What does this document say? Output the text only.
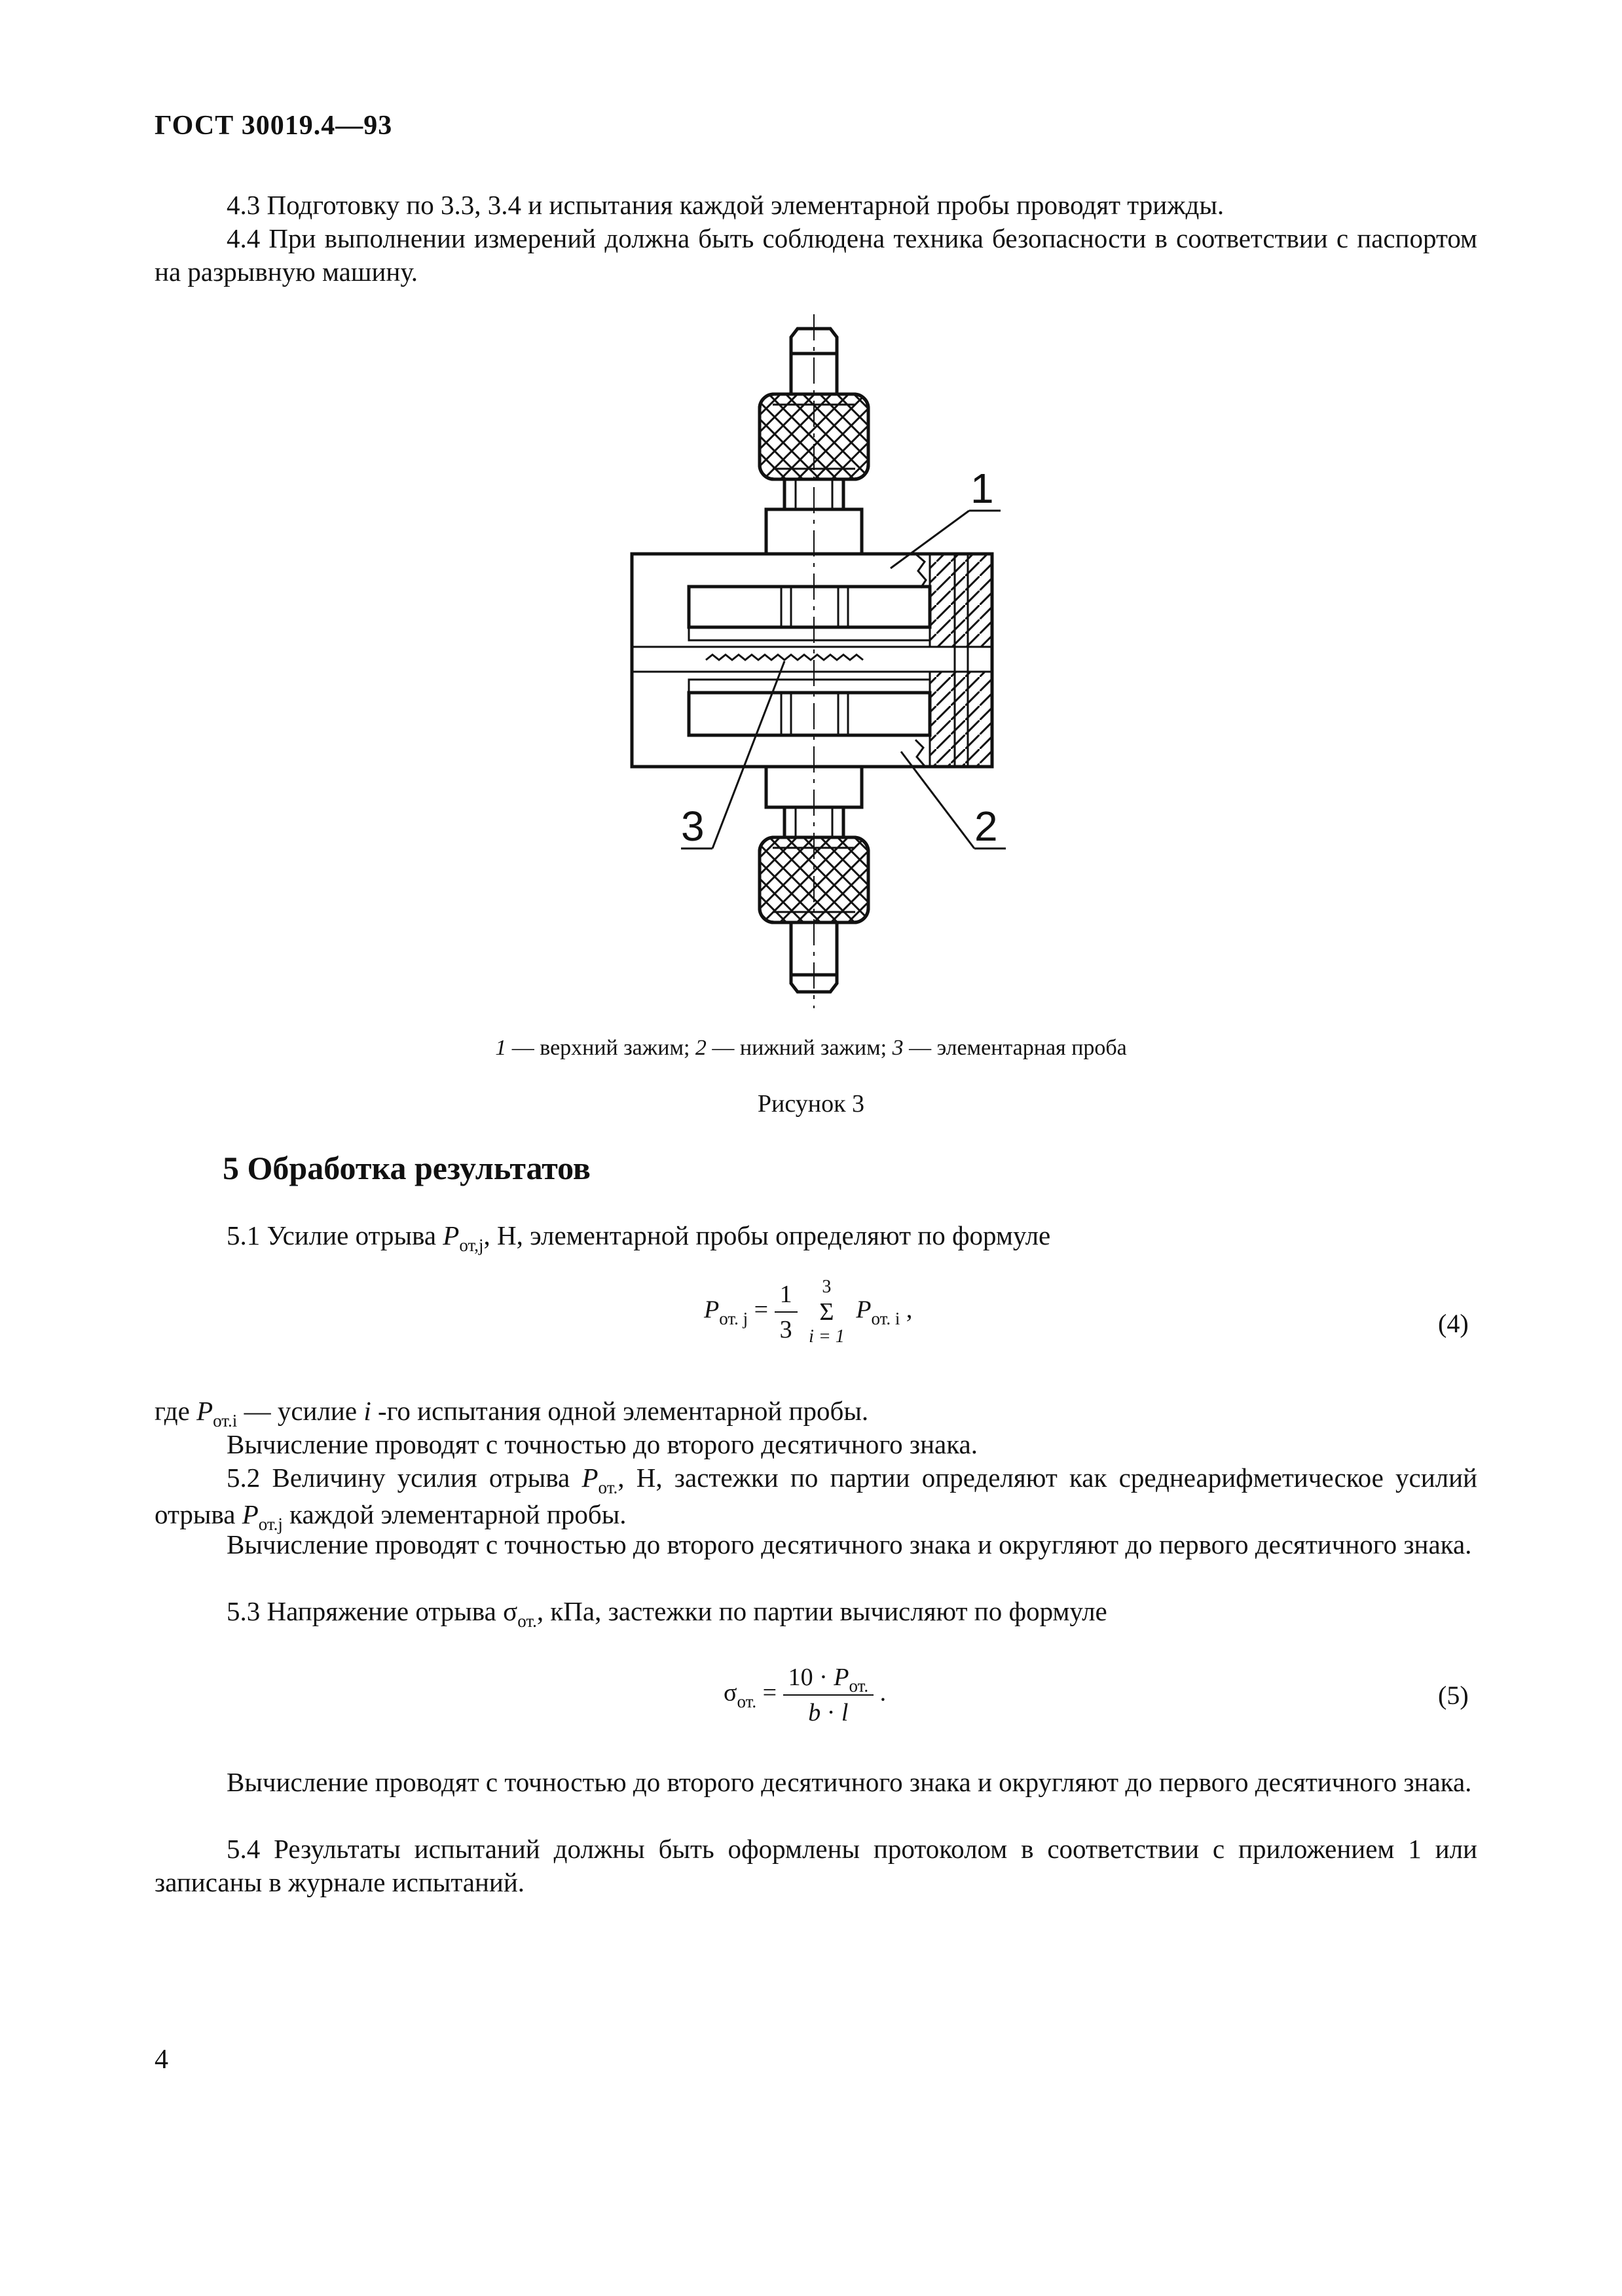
ГОСТ 30019.4—93
4.3 Подготовку по 3.3, 3.4 и испытания каждой элементарной пробы проводят трижды.
4.4 При выполнении измерений должна быть соблюдена техника безопасности в соответствии с паспортом на разрывную машину.
1
2
3
1 — верхний зажим; 2 — нижний зажим; 3 — элементарная проба
Рисунок 3
5 Обработка результатов
5.1 Усилие отрыва $P_{от,j}$, Н, элементарной пробы определяют по формуле
$P_{от. j} = \frac{1}{3}$
3
Σ
i = 1
$P_{от. i}$ ,	(4)
где $P_{от.i}$ — усилие i -го испытания одной элементарной пробы.
Вычисление проводят с точностью до второго десятичного знака.
5.2 Величину усилия отрыва $P_{от.}$, Н, застежки по партии определяют как среднеарифметическое усилий отрыва $P_{от.j}$ каждой элементарной пробы.
Вычисление проводят с точностью до второго десятичного знака и округляют до первого десятичного знака.
5.3 Напряжение отрыва $\sigma_{от.}$, кПа, застежки по партии вычисляют по формуле
$\sigma_{от.} = \frac{10 \cdot P_{от.}}{b \cdot l}$ .	(5)
Вычисление проводят с точностью до второго десятичного знака и округляют до первого десятичного знака.
5.4 Результаты испытаний должны быть оформлены протоколом в соответствии с приложением 1 или записаны в журнале испытаний.
4
